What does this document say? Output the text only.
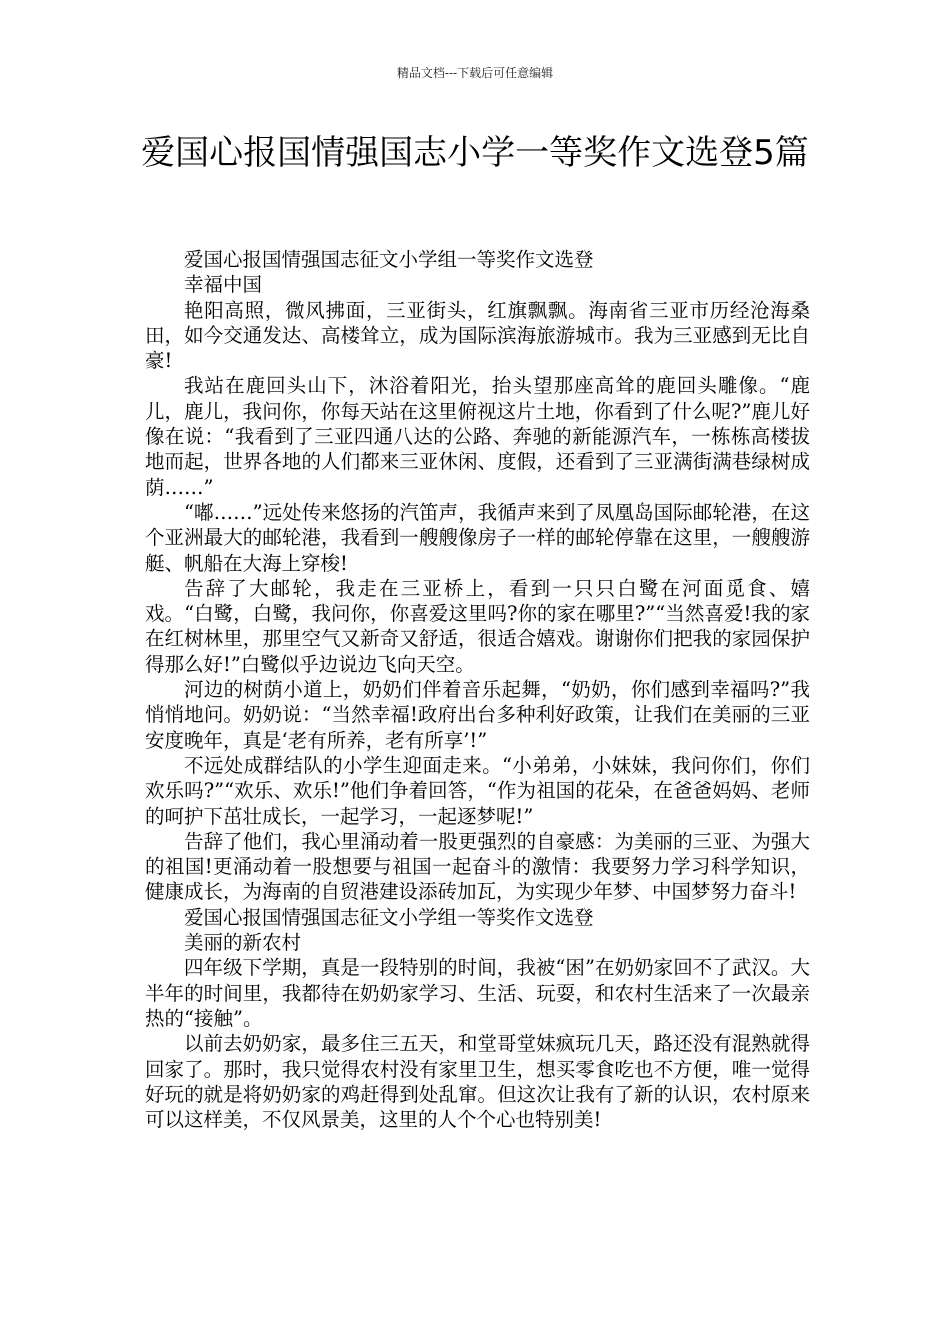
精品文档---下载后可任意编辑
爱国心报国情强国志小学一等奖作文选登5篇

爱国心报国情强国志征文小学组一等奖作文选登

幸福中国

艳阳高照，微风拂面，三亚街头，红旗飘飘。海南省三亚市历经沧海桑田，如今交通发达、高楼耸立，成为国际滨海旅游城市。我为三亚感到无比自豪!

我站在鹿回头山下，沐浴着阳光，抬头望那座高耸的鹿回头雕像。“鹿儿，鹿儿，我问你，你每天站在这里俯视这片土地，你看到了什么呢?”鹿儿好像在说：“我看到了三亚四通八达的公路、奔驰的新能源汽车，一栋栋高楼拔地而起，世界各地的人们都来三亚休闲、度假，还看到了三亚满街满巷绿树成荫……”

“嘟……”远处传来悠扬的汽笛声，我循声来到了凤凰岛国际邮轮港，在这个亚洲最大的邮轮港，我看到一艘艘像房子一样的邮轮停靠在这里，一艘艘游艇、帆船在大海上穿梭!

告辞了大邮轮，我走在三亚桥上，看到一只只白鹭在河面觅食、嬉戏。“白鹭，白鹭，我问你，你喜爱这里吗?你的家在哪里?”“当然喜爱!我的家在红树林里，那里空气又新奇又舒适，很适合嬉戏。谢谢你们把我的家园保护得那么好!”白鹭似乎边说边飞向天空。

河边的树荫小道上，奶奶们伴着音乐起舞，“奶奶，你们感到幸福吗?”我悄悄地问。奶奶说：“当然幸福!政府出台多种利好政策，让我们在美丽的三亚安度晚年，真是‘老有所养，老有所享’!”

不远处成群结队的小学生迎面走来。“小弟弟，小妹妹，我问你们，你们欢乐吗?”“欢乐、欢乐!”他们争着回答，“作为祖国的花朵，在爸爸妈妈、老师的呵护下茁壮成长，一起学习，一起逐梦呢!”

告辞了他们，我心里涌动着一股更强烈的自豪感：为美丽的三亚、为强大的祖国!更涌动着一股想要与祖国一起奋斗的激情：我要努力学习科学知识，健康成长，为海南的自贸港建设添砖加瓦，为实现少年梦、中国梦努力奋斗!

爱国心报国情强国志征文小学组一等奖作文选登

美丽的新农村

四年级下学期，真是一段特别的时间，我被“困”在奶奶家回不了武汉。大半年的时间里，我都待在奶奶家学习、生活、玩耍，和农村生活来了一次最亲热的“接触”。

以前去奶奶家，最多住三五天，和堂哥堂妹疯玩几天，路还没有混熟就得回家了。那时，我只觉得农村没有家里卫生，想买零食吃也不方便，唯一觉得好玩的就是将奶奶家的鸡赶得到处乱窜。但这次让我有了新的认识，农村原来可以这样美，不仅风景美，这里的人个个心也特别美!
